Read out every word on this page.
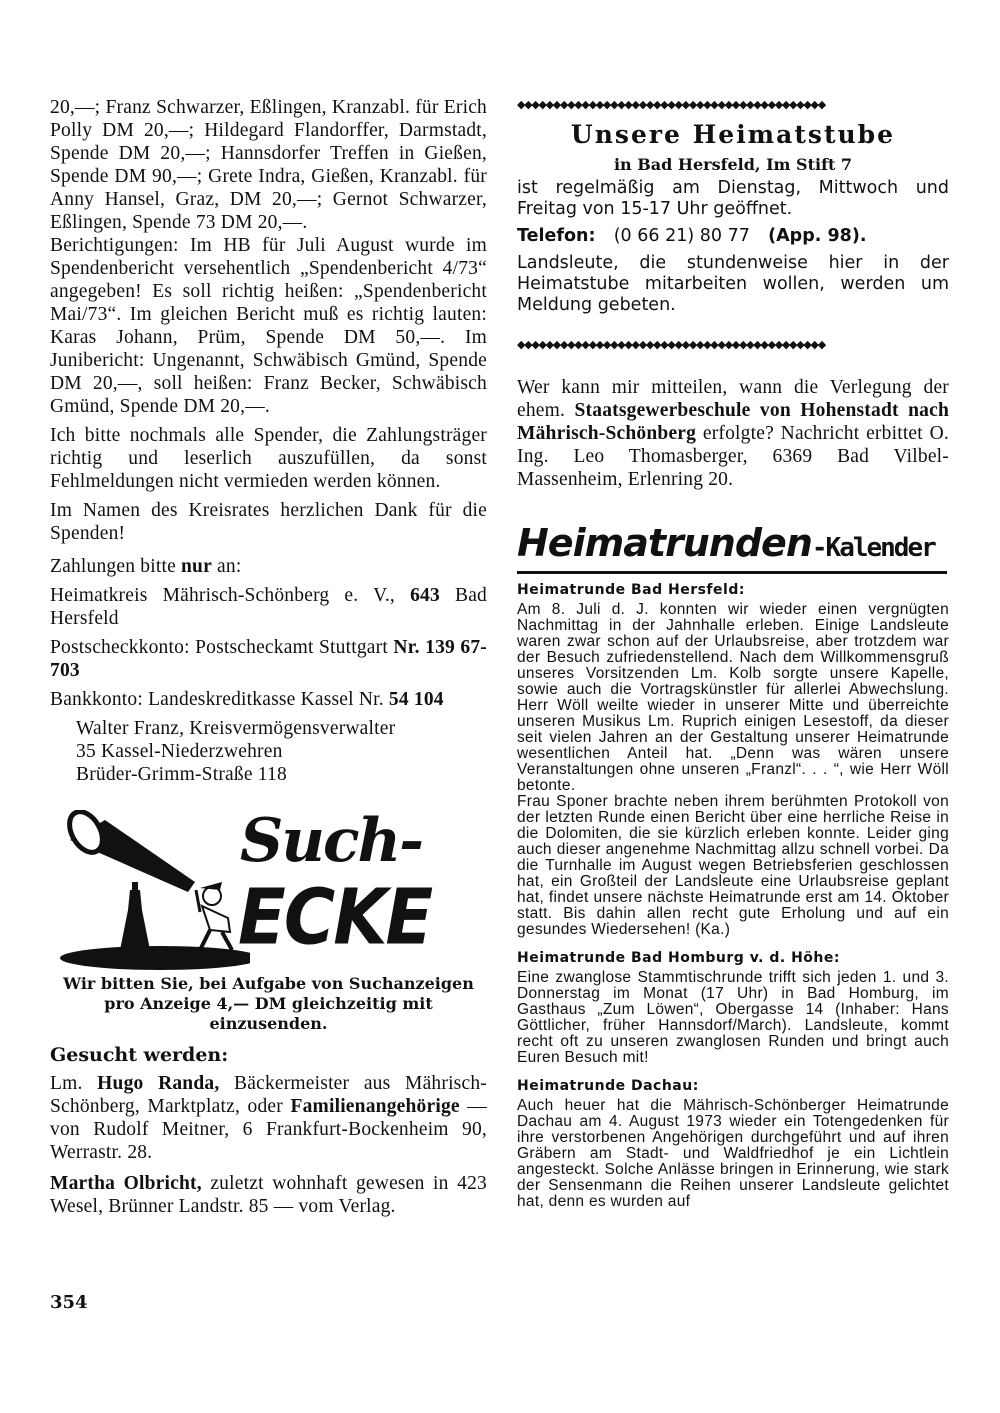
20,—; Franz Schwarzer, Eßlingen, Kranzabl. für Erich Polly DM 20,—; Hildegard Flandorffer, Darmstadt, Spende DM 20,—; Hannsdorfer Treffen in Gießen, Spende DM 90,—; Grete Indra, Gießen, Kranzabl. für Anny Hansel, Graz, DM 20,—; Gernot Schwarzer, Eßlingen, Spende 73 DM 20,—.

Berichtigungen: Im HB für Juli August wurde im Spendenbericht versehentlich „Spendenbericht 4/73“ angegeben! Es soll richtig heißen: „Spendenbericht Mai/73“. Im gleichen Bericht muß es richtig lauten: Karas Johann, Prüm, Spende DM 50,—. Im Junibericht: Ungenannt, Schwäbisch Gmünd, Spende DM 20,—, soll heißen: Franz Becker, Schwäbisch Gmünd, Spende DM 20,—.

Ich bitte nochmals alle Spender, die Zahlungsträger richtig und leserlich auszufüllen, da sonst Fehlmeldungen nicht vermieden werden können.

Im Namen des Kreisrates herzlichen Dank für die Spenden!

Zahlungen bitte nur an:

Heimatkreis Mährisch-Schönberg e. V., 643 Bad Hersfeld

Postscheckkonto: Postscheckamt Stuttgart Nr. 139 67-703

Bankkonto: Landeskreditkasse Kassel Nr. 54 104

Walter Franz, Kreisvermögensverwalter
35 Kassel-Niederzwehren
Brüder-Grimm-Straße 118

Such-
ECKE

Wir bitten Sie, bei Aufgabe von Suchanzeigen pro Anzeige 4,— DM gleichzeitig mit einzusenden.

Gesucht werden:

Lm. Hugo Randa, Bäckermeister aus Mährisch-Schönberg, Marktplatz, oder Familienangehörige — von Rudolf Meitner, 6 Frankfurt-Bockenheim 90, Werrastr. 28.

Martha Olbricht, zuletzt wohnhaft gewesen in 423 Wesel, Brünner Landstr. 85 — vom Verlag.

◆◆◆◆◆◆◆◆◆◆◆◆◆◆◆◆◆◆◆◆◆◆◆◆◆◆◆◆◆◆◆◆◆◆◆◆◆◆◆◆◆◆◆
Unsere Heimatstube
in Bad Hersfeld, Im Stift 7

ist regelmäßig am Dienstag, Mittwoch und Freitag von 15-17 Uhr geöffnet.

Telefon: (0 66 21) 80 77 (App. 98).

Landsleute, die stundenweise hier in der Heimatstube mitarbeiten wollen, werden um Meldung gebeten.

◆◆◆◆◆◆◆◆◆◆◆◆◆◆◆◆◆◆◆◆◆◆◆◆◆◆◆◆◆◆◆◆◆◆◆◆◆◆◆◆◆◆◆

Wer kann mir mitteilen, wann die Verlegung der ehem. Staatsgewerbeschule von Hohenstadt nach Mährisch-Schönberg erfolgte? Nachricht erbittet O. Ing. Leo Thomasberger, 6369 Bad Vilbel-Massenheim, Erlenring 20.

Heimatrunden-Kalender
Heimatrunde Bad Hersfeld:

Am 8. Juli d. J. konnten wir wieder einen vergnügten Nachmittag in der Jahnhalle erleben. Einige Landsleute waren zwar schon auf der Urlaubsreise, aber trotzdem war der Besuch zufriedenstellend. Nach dem Willkommensgruß unseres Vorsitzenden Lm. Kolb sorgte unsere Kapelle, sowie auch die Vortragskünstler für allerlei Abwechslung. Herr Wöll weilte wieder in unserer Mitte und überreichte unseren Musikus Lm. Ruprich einigen Lesestoff, da dieser seit vielen Jahren an der Gestaltung unserer Heimatrunde wesentlichen Anteil hat. „Denn was wären unsere Veranstaltungen ohne unseren „Franzl“. . . “, wie Herr Wöll betonte.

Frau Sponer brachte neben ihrem berühmten Protokoll von der letzten Runde einen Bericht über eine herrliche Reise in die Dolomiten, die sie kürzlich erleben konnte. Leider ging auch dieser angenehme Nachmittag allzu schnell vorbei. Da die Turnhalle im August wegen Betriebsferien geschlossen hat, ein Großteil der Landsleute eine Urlaubsreise geplant hat, findet unsere nächste Heimatrunde erst am 14. Oktober statt. Bis dahin allen recht gute Erholung und auf ein gesundes Wiedersehen! (Ka.)

Heimatrunde Bad Homburg v. d. Höhe:

Eine zwanglose Stammtischrunde trifft sich jeden 1. und 3. Donnerstag im Monat (17 Uhr) in Bad Homburg, im Gasthaus „Zum Löwen“, Obergasse 14 (Inhaber: Hans Göttlicher, früher Hannsdorf/March). Landsleute, kommt recht oft zu unseren zwanglosen Runden und bringt auch Euren Besuch mit!

Heimatrunde Dachau:

Auch heuer hat die Mährisch-Schönberger Heimatrunde Dachau am 4. August 1973 wieder ein Totengedenken für ihre verstorbenen Angehörigen durchgeführt und auf ihren Gräbern am Stadt- und Waldfriedhof je ein Lichtlein angesteckt. Solche Anlässe bringen in Erinnerung, wie stark der Sensenmann die Reihen unserer Landsleute gelichtet hat, denn es wurden auf

354
